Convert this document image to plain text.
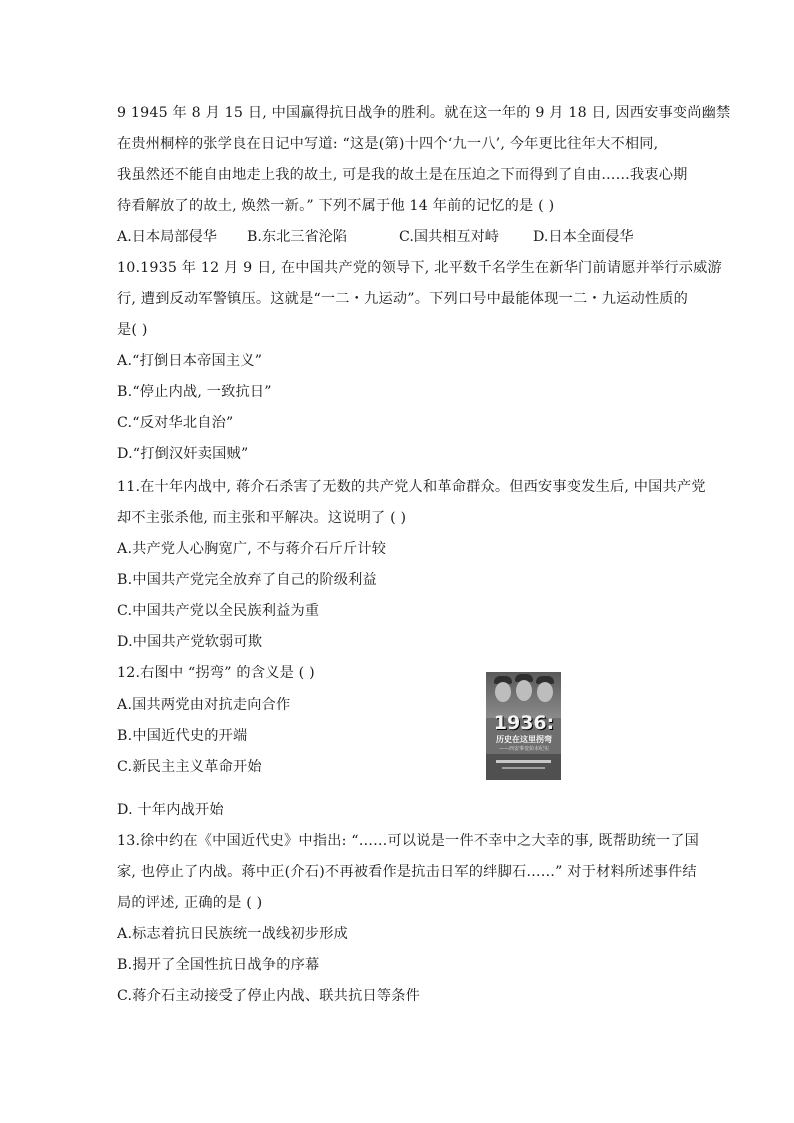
9 1945 年 8 月 15 日, 中国赢得抗日战争的胜利。就在这一年的 9 月 18 日, 因西安事变尚幽禁
在贵州桐梓的张学良在日记中写道: “这是(第)十四个‘九一八’, 今年更比往年大不相同,
我虽然还不能自由地走上我的故土, 可是我的故土是在压迫之下而得到了自由……我衷心期
待看解放了的故土, 焕然一新。” 下列不属于他 14 年前的记忆的是 ( )
A.日本局部侵华 B.东北三省沦陷	C.国共相互对峙 D.日本全面侵华
10.1935 年 12 月 9 日, 在中国共产党的领导下, 北平数千名学生在新华门前请愿并举行示威游
行, 遭到反动军警镇压。这就是“一二・九运动”。下列口号中最能体现一二・九运动性质的
是( )
A.“打倒日本帝国主义”
B.“停止内战, 一致抗日”
C.“反对华北自治”
D.“打倒汉奸卖国贼”
11.在十年内战中, 蒋介石杀害了无数的共产党人和革命群众。但西安事变发生后, 中国共产党
却不主张杀他, 而主张和平解决。这说明了 ( )
A.共产党人心胸宽广, 不与蒋介石斤斤计较
B.中国共产党完全放弃了自己的阶级利益
C.中国共产党以全民族利益为重
D.中国共产党软弱可欺
12.右图中 “拐弯” 的含义是 ( )
A.国共两党由对抗走向合作
B.中国近代史的开端
C.新民主主义革命开始
D. 十年内战开始
1936:
历史在这里拐弯
——西安事变始末纪实
13.徐中约在《中国近代史》中指出: “……可以说是一件不幸中之大幸的事, 既帮助统一了国
家, 也停止了内战。蒋中正(介石)不再被看作是抗击日军的绊脚石……” 对于材料所述事件结
局的评述, 正确的是 ( )
A.标志着抗日民族统一战线初步形成
B.揭开了全国性抗日战争的序幕
C.蒋介石主动接受了停止内战、联共抗日等条件
